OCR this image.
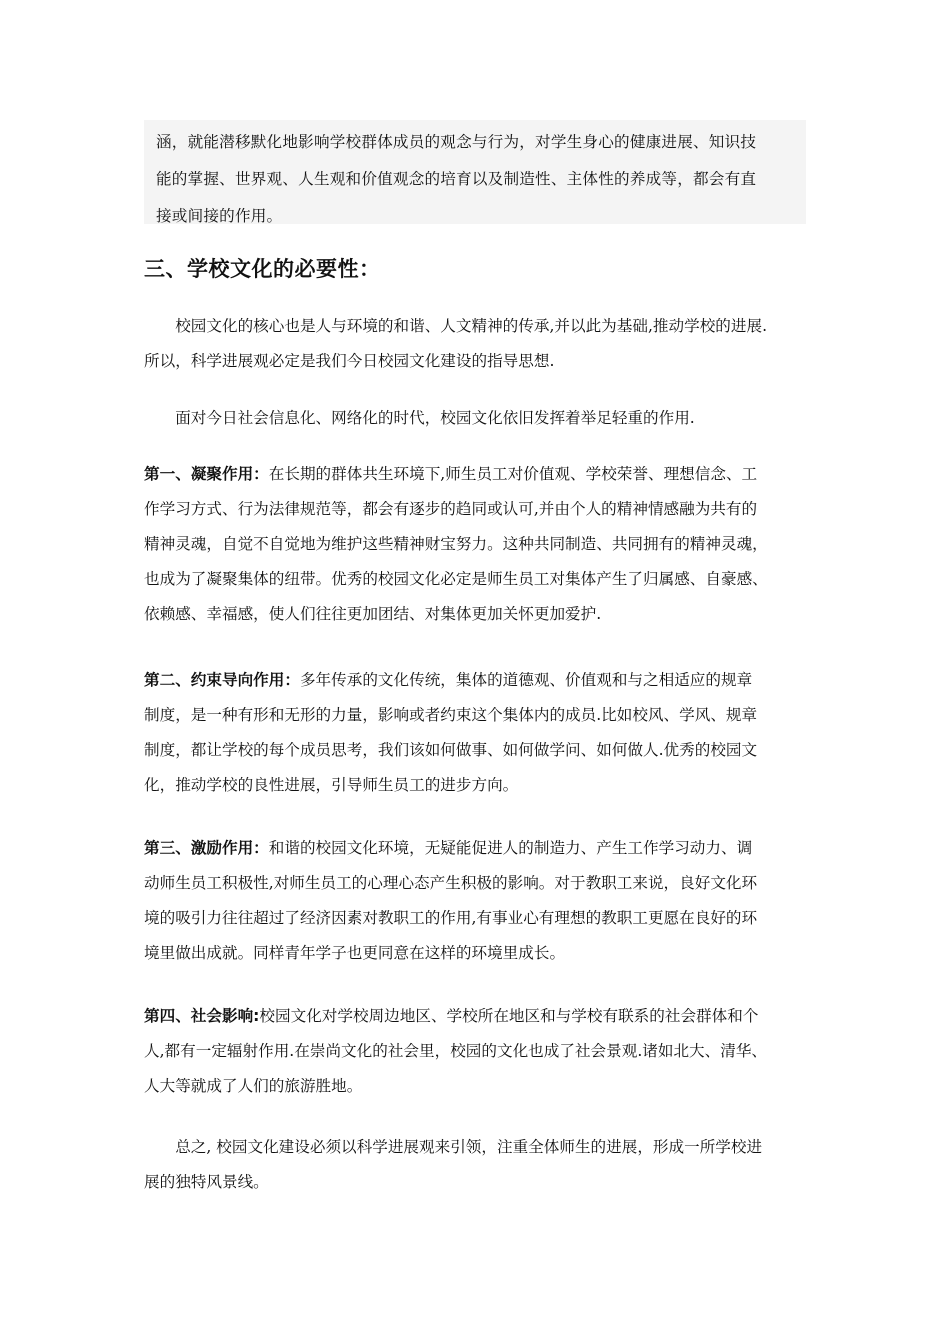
涵，就能潜移默化地影响学校群体成员的观念与行为，对学生身心的健康进展、知识技
能的掌握、世界观、人生观和价值观念的培育以及制造性、主体性的养成等，都会有直
接或间接的作用。

三、学校文化的必要性：

　　校园文化的核心也是人与环境的和谐、人文精神的传承,并以此为基础,推动学校的进展.
所以，科学进展观必定是我们今日校园文化建设的指导思想.

　　面对今日社会信息化、网络化的时代，校园文化依旧发挥着举足轻重的作用.

第一、凝聚作用：在长期的群体共生环境下,师生员工对价值观、学校荣誉、理想信念、工
作学习方式、行为法律规范等，都会有逐步的趋同或认可,并由个人的精神情感融为共有的
精神灵魂，自觉不自觉地为维护这些精神财宝努力。这种共同制造、共同拥有的精神灵魂，
也成为了凝聚集体的纽带。优秀的校园文化必定是师生员工对集体产生了归属感、自豪感、
依赖感、幸福感，使人们往往更加团结、对集体更加关怀更加爱护.

第二、约束导向作用：多年传承的文化传统，集体的道德观、价值观和与之相适应的规章
制度，是一种有形和无形的力量，影响或者约束这个集体内的成员.比如校风、学风、规章
制度，都让学校的每个成员思考，我们该如何做事、如何做学问、如何做人.优秀的校园文
化，推动学校的良性进展，引导师生员工的进步方向。

第三、激励作用：和谐的校园文化环境，无疑能促进人的制造力、产生工作学习动力、调
动师生员工积极性,对师生员工的心理心态产生积极的影响。对于教职工来说，良好文化环
境的吸引力往往超过了经济因素对教职工的作用,有事业心有理想的教职工更愿在良好的环
境里做出成就。同样青年学子也更同意在这样的环境里成长。

第四、社会影响:校园文化对学校周边地区、学校所在地区和与学校有联系的社会群体和个
人,都有一定辐射作用.在崇尚文化的社会里，校园的文化也成了社会景观.诸如北大、清华、
人大等就成了人们的旅游胜地。

　　总之, 校园文化建设必须以科学进展观来引领，注重全体师生的进展，形成一所学校进
展的独特风景线。
